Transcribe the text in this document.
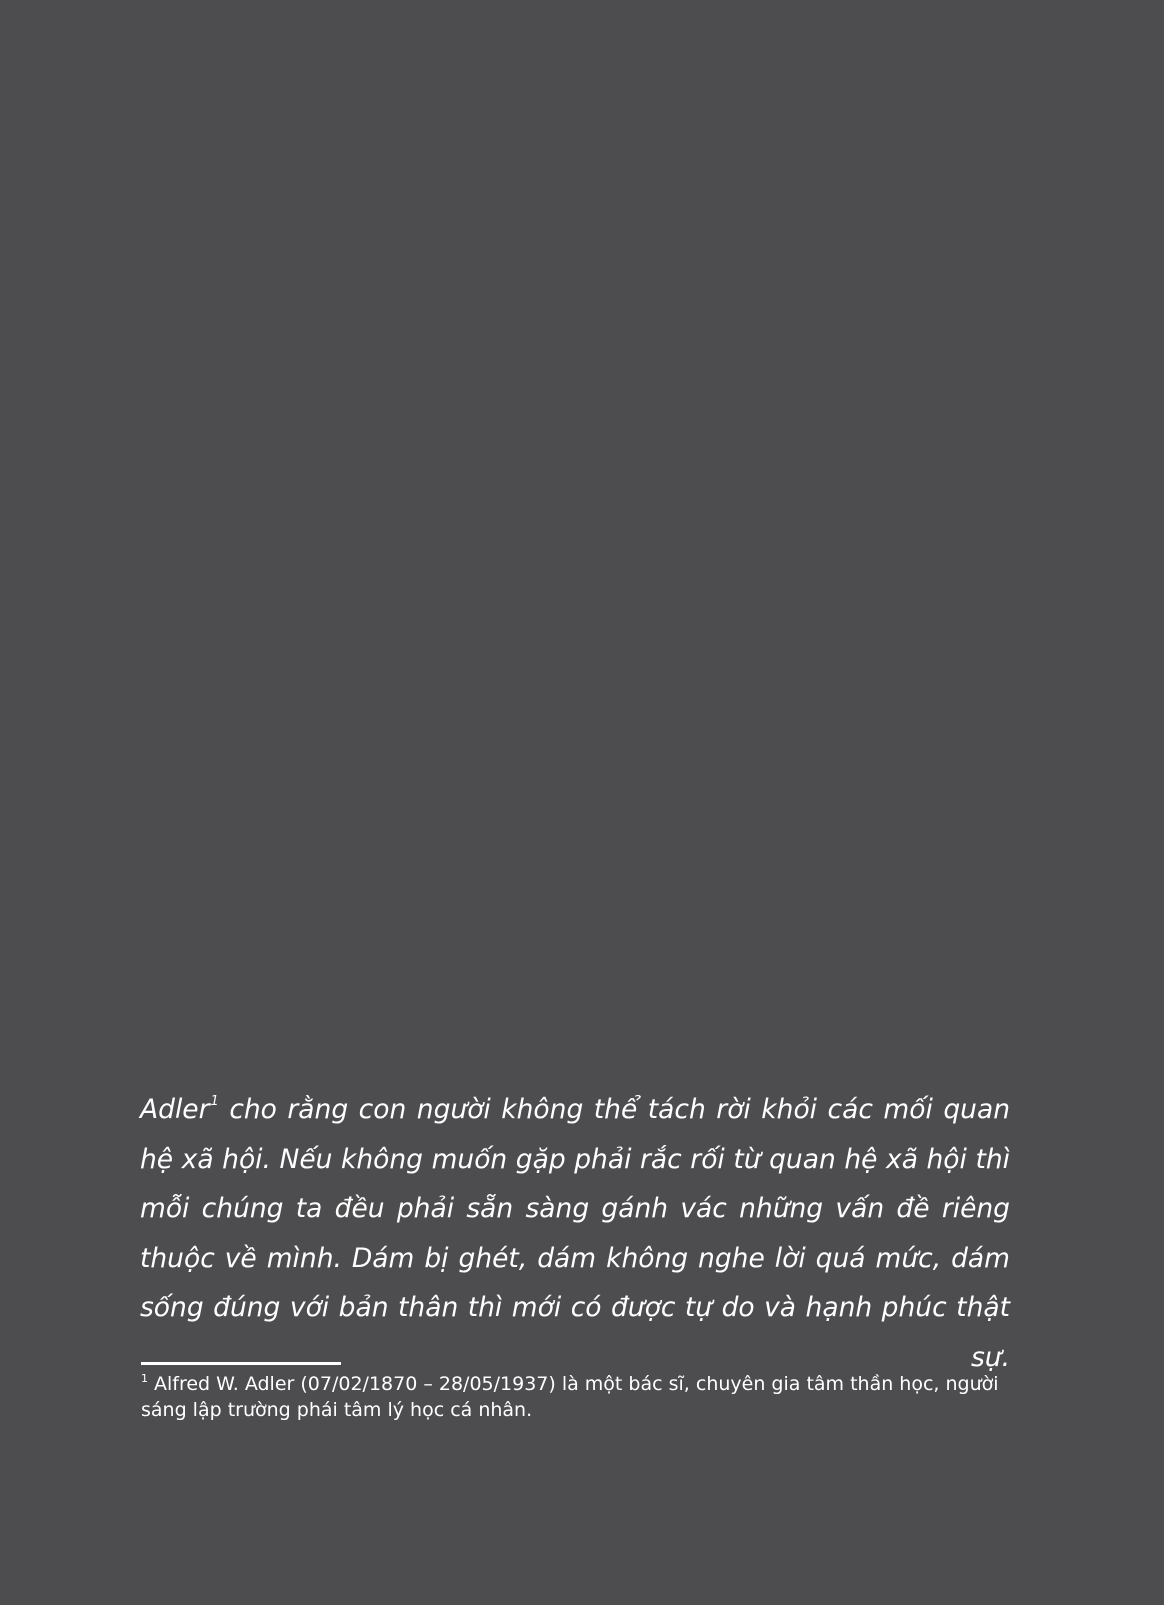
Adler$^1$ cho rằng con người không thể tách rời khỏi các mối quan hệ xã hội. Nếu không muốn gặp phải rắc rối từ quan hệ xã hội thì mỗi chúng ta đều phải sẵn sàng gánh vác những vấn đề riêng thuộc về mình. Dám bị ghét, dám không nghe lời quá mức, dám sống đúng với bản thân thì mới có được tự do và hạnh phúc thật sự.

$^1$ Alfred W. Adler (07/02/1870 – 28/05/1937) là một bác sĩ, chuyên gia tâm thần học, người sáng lập trường phái tâm lý học cá nhân.
